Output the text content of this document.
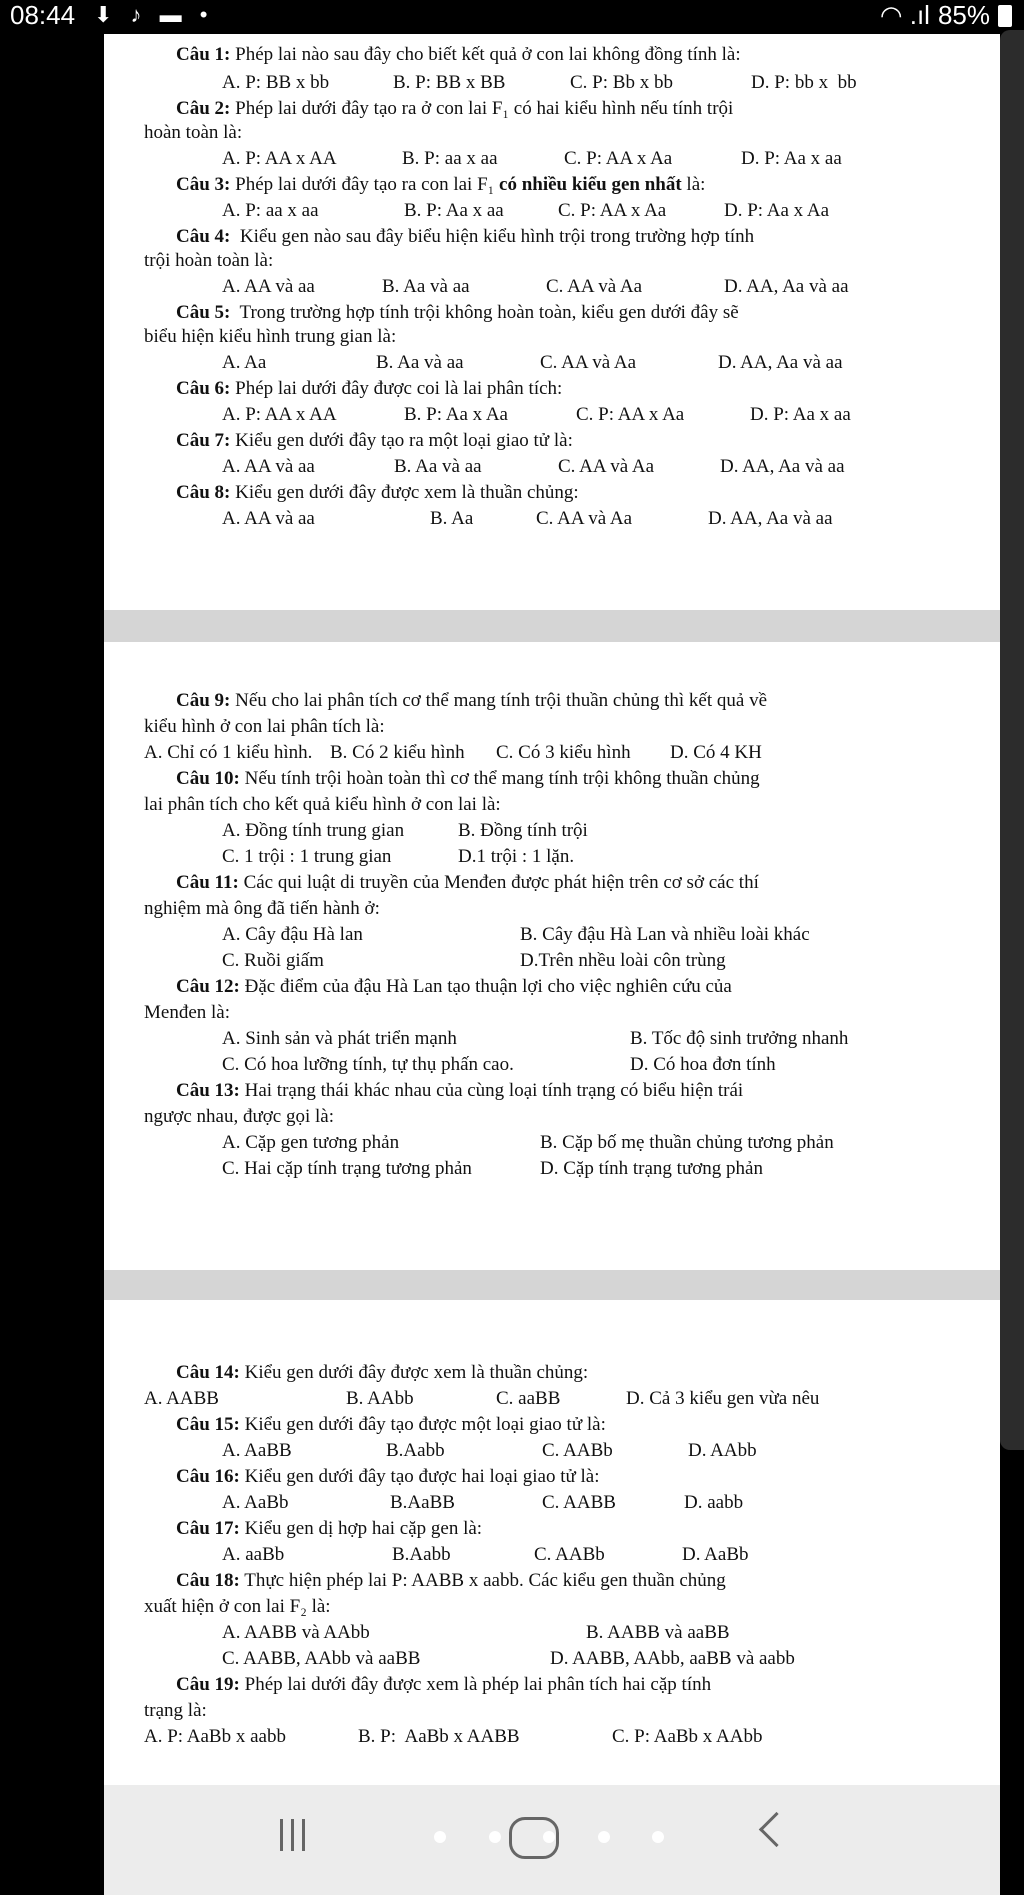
08:44 ⬇ ♪ ▬ •	◠ .ıl 85%
Câu 1: Phép lai nào sau đây cho biết kết quả ở con lai không đồng tính là:
A. P: BB x bb	B. P: BB x BB	C. P: Bb x bb	D. P: bb x  bb
Câu 2: Phép lai dưới đây tạo ra ở con lai F₁ có hai kiểu hình nếu tính trội
hoàn toàn là:
A. P: AA x AA	B. P: aa x aa	C. P: AA x Aa	D. P: Aa x aa
Câu 3: Phép lai dưới đây tạo ra con lai F₁ có nhiều kiểu gen nhất là:
A. P: aa x aa	B. P: Aa x aa	C. P: AA x Aa	D. P: Aa x Aa
Câu 4:  Kiểu gen nào sau đây biểu hiện kiểu hình trội trong trường hợp tính
trội hoàn toàn là:
A. AA và aa	B. Aa và aa	C. AA và Aa	D. AA, Aa và aa
Câu 5:  Trong trường hợp tính trội không hoàn toàn, kiểu gen dưới đây sẽ
biểu hiện kiểu hình trung gian là:
A. Aa	B. Aa và aa	C. AA và Aa	D. AA, Aa và aa
Câu 6: Phép lai dưới đây được coi là lai phân tích:
A. P: AA x AA	B. P: Aa x Aa	C. P: AA x Aa	D. P: Aa x aa
Câu 7: Kiểu gen dưới đây tạo ra một loại giao tử là:
A. AA và aa	B. Aa và aa	C. AA và Aa	D. AA, Aa và aa
Câu 8: Kiểu gen dưới đây được xem là thuần chủng:
A. AA và aa	B. Aa	C. AA và Aa	D. AA, Aa và aa
Câu 9: Nếu cho lai phân tích cơ thể mang tính trội thuần chủng thì kết quả về
kiểu hình ở con lai phân tích là:
A. Chỉ có 1 kiểu hình. B. Có 2 kiểu hình C. Có 3 kiểu hình D. Có 4 KH
Câu 10: Nếu tính trội hoàn toàn thì cơ thể mang tính trội không thuần chủng
lai phân tích cho kết quả kiểu hình ở con lai là:
A. Đồng tính trung gian	B. Đồng tính trội
C. 1 trội : 1 trung gian	D.1 trội : 1 lặn.
Câu 11: Các qui luật di truyền của Menđen được phát hiện trên cơ sở các thí
nghiệm mà ông đã tiến hành ở:
A. Cây đậu Hà lan	B. Cây đậu Hà Lan và nhiều loài khác
C. Ruồi giấm	D.Trên nhều loài côn trùng
Câu 12: Đặc điểm của đậu Hà Lan tạo thuận lợi cho việc nghiên cứu của
Menđen là:
A. Sinh sản và phát triển mạnh	B. Tốc độ sinh trưởng nhanh
C. Có hoa lưỡng tính, tự thụ phấn cao.	D. Có hoa đơn tính
Câu 13: Hai trạng thái khác nhau của cùng loại tính trạng có biểu hiện trái
ngược nhau, được gọi là:
A. Cặp gen tương phản	B. Cặp bố mẹ thuần chủng tương phản
C. Hai cặp tính trạng tương phản	D. Cặp tính trạng tương phản
Câu 14: Kiểu gen dưới đây được xem là thuần chủng:
A. AABB	B. AAbb	C. aaBB	D. Cả 3 kiểu gen vừa nêu
Câu 15: Kiểu gen dưới đây tạo được một loại giao tử là:
A. AaBB	B.Aabb	C. AABb	D. AAbb
Câu 16: Kiểu gen dưới đây tạo được hai loại giao tử là:
A. AaBb	B.AaBB	C. AABB	D. aabb
Câu 17: Kiểu gen dị hợp hai cặp gen là:
A. aaBb	B.Aabb	C. AABb	D. AaBb
Câu 18: Thực hiện phép lai P: AABB x aabb. Các kiểu gen thuần chủng
xuất hiện ở con lai F₂ là:
A. AABB và AAbb	B. AABB và aaBB
C. AABB, AAbb và aaBB	D. AABB, AAbb, aaBB và aabb
Câu 19: Phép lai dưới đây được xem là phép lai phân tích hai cặp tính
trạng là:
A. P: AaBb x aabb	B. P:  AaBb x AABB	C. P: AaBb x AAbb
